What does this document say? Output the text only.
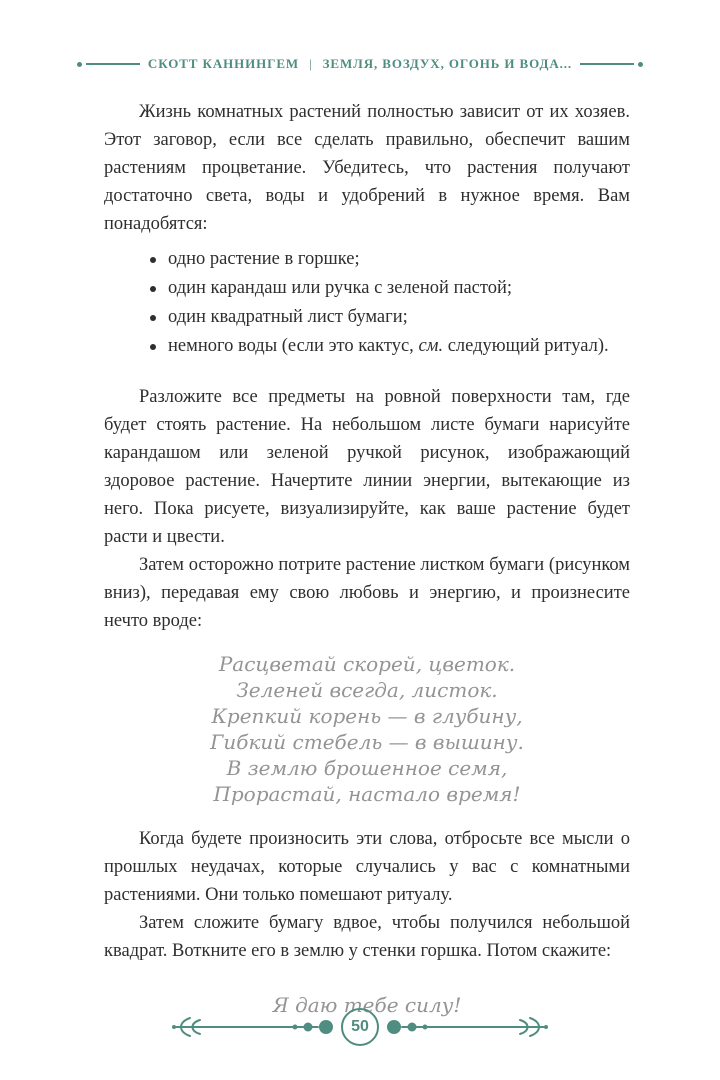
СКОТТ КАННИНГЕМ | ЗЕМЛЯ, ВОЗДУХ, ОГОНЬ И ВОДА...

Жизнь комнатных растений полностью зависит от их хозяев. Этот заговор, если все сделать правильно, обеспечит вашим растениям процветание. Убедитесь, что растения получают достаточно света, воды и удобрений в нужное время. Вам понадобятся:

одно растение в горшке;
один карандаш или ручка с зеленой пастой;
один квадратный лист бумаги;
немного воды (если это кактус, см. следующий ритуал).

Разложите все предметы на ровной поверхности там, где будет стоять растение. На небольшом листе бумаги нарисуйте карандашом или зеленой ручкой рисунок, изображающий здоровое растение. Начертите линии энергии, вытекающие из него. Пока рисуете, визуализируйте, как ваше растение будет расти и цвести.

Затем осторожно потрите растение листком бумаги (рисунком вниз), передавая ему свою любовь и энергию, и произнесите нечто вроде:

Расцветай скорей, цветок.
Зеленей всегда, листок.
Крепкий корень — в глубину,
Гибкий стебель — в вышину.
В землю брошенное семя,
Прорастай, настало время!

Когда будете произносить эти слова, отбросьте все мысли о прошлых неудачах, которые случались у вас с комнатными растениями. Они только помешают ритуалу.

Затем сложите бумагу вдвое, чтобы получился небольшой квадрат. Воткните его в землю у стенки горшка. Потом скажите:

Я даю тебе силу!
50
